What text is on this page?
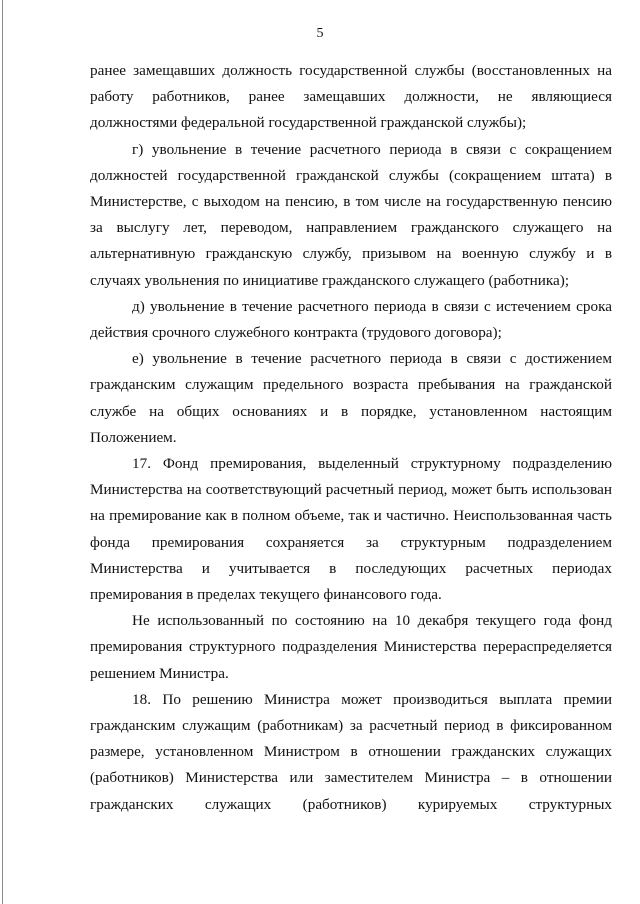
5

ранее замещавших должность государственной службы (восстановленных на работу работников, ранее замещавших должности, не являющиеся должностями федеральной государственной гражданской службы);

г) увольнение в течение расчетного периода в связи с сокращением должностей государственной гражданской службы (сокращением штата) в Министерстве, с выходом на пенсию, в том числе на государственную пенсию за выслугу лет, переводом, направлением гражданского служащего на альтернативную гражданскую службу, призывом на военную службу и в случаях увольнения по инициативе гражданского служащего (работника);

д) увольнение в течение расчетного периода в связи с истечением срока действия срочного служебного контракта (трудового договора);

е) увольнение в течение расчетного периода в связи с достижением гражданским служащим предельного возраста пребывания на гражданской службе на общих основаниях и в порядке, установленном настоящим Положением.

17. Фонд премирования, выделенный структурному подразделению Министерства на соответствующий расчетный период, может быть использован на премирование как в полном объеме, так и частично. Неиспользованная часть фонда премирования сохраняется за структурным подразделением Министерства и учитывается в последующих расчетных периодах премирования в пределах текущего финансового года.

Не использованный по состоянию на 10 декабря текущего года фонд премирования структурного подразделения Министерства перераспределяется решением Министра.

18. По решению Министра может производиться выплата премии гражданским служащим (работникам) за расчетный период в фиксированном размере, установленном Министром в отношении гражданских служащих (работников) Министерства или заместителем Министра – в отношении гражданских служащих (работников) курируемых структурных
